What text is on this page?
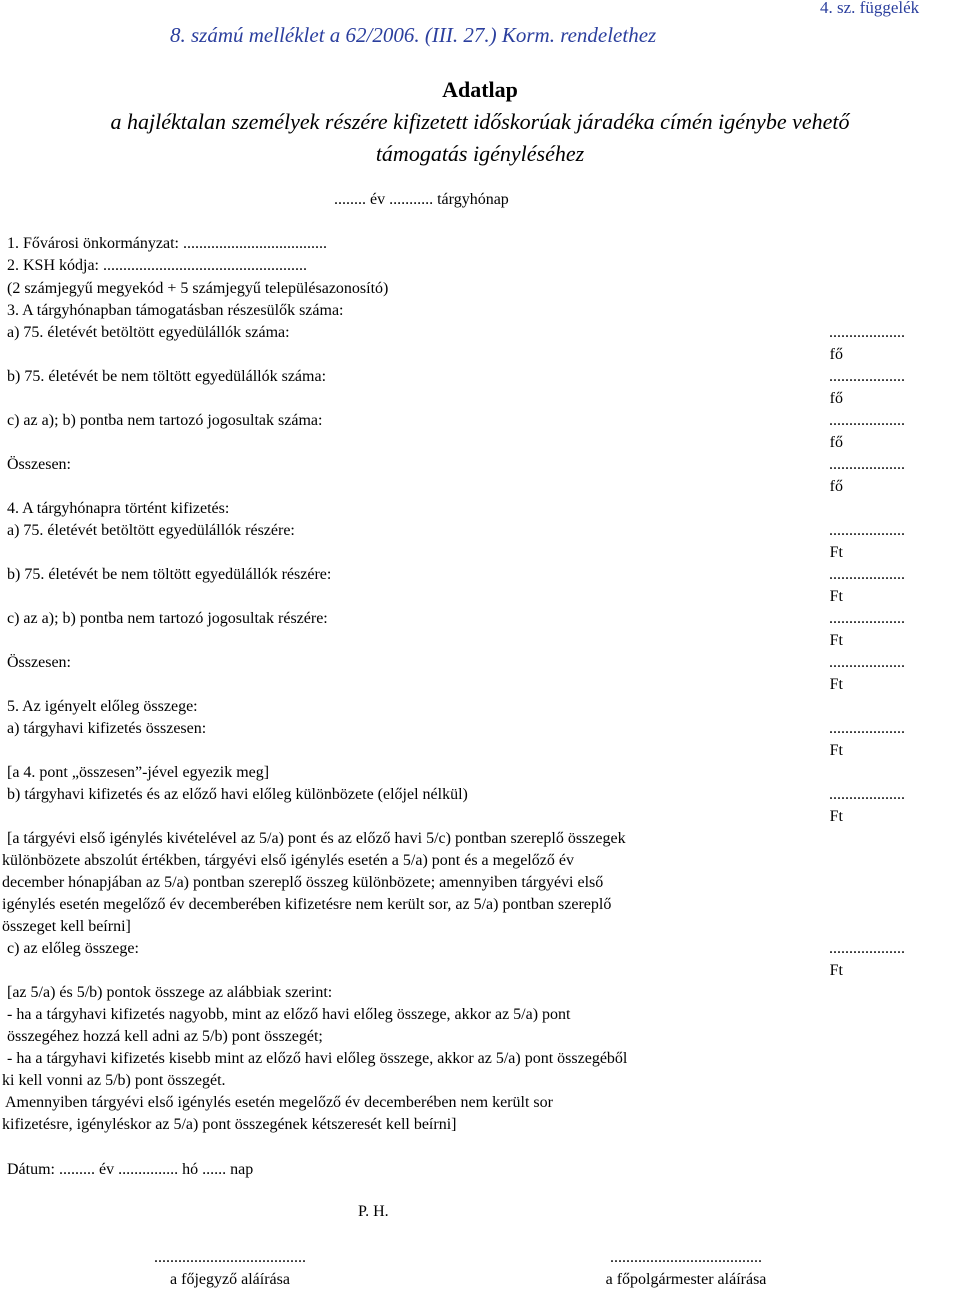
8. számú melléklet a 62/2006. (III. 27.) Korm. rendelethez
4. sz. függelék
Adatlap
a hajléktalan személyek részére kifizetett időskorúak járadéka címén igénybe vehető
támogatás igényléséhez
........ év ........... tárgyhónap
1. Fővárosi önkormányzat: ....................................
2. KSH kódja: ...................................................
(2 számjegyű megyekód + 5 számjegyű településazonosító)
3. A tárgyhónapban támogatásban részesülők száma:
a) 75. életévét betöltött egyedülállók száma:	...................
fő
b) 75. életévét be nem töltött egyedülállók száma:	...................
fő
c) az a); b) pontba nem tartozó jogosultak száma:	...................
fő
Összesen:	...................
fő
4. A tárgyhónapra történt kifizetés:
a) 75. életévét betöltött egyedülállók részére:	...................
Ft
b) 75. életévét be nem töltött egyedülállók részére:	...................
Ft
c) az a); b) pontba nem tartozó jogosultak részére:	...................
Ft
Összesen:	...................
Ft
5. Az igényelt előleg összege:
a) tárgyhavi kifizetés összesen:	...................
Ft
[a 4. pont „összesen”-jével egyezik meg]
b) tárgyhavi kifizetés és az előző havi előleg különbözete (előjel nélkül)	...................
Ft
[a tárgyévi első igénylés kivételével az 5/a) pont és az előző havi 5/c) pontban szereplő összegek
különbözete abszolút értékben, tárgyévi első igénylés esetén a 5/a) pont és a megelőző év
december hónapjában az 5/a) pontban szereplő összeg különbözete; amennyiben tárgyévi első
igénylés esetén megelőző év decemberében kifizetésre nem került sor, az 5/a) pontban szereplő
összeget kell beírni]
c) az előleg összege:	...................
Ft
[az 5/a) és 5/b) pontok összege az alábbiak szerint:
- ha a tárgyhavi kifizetés nagyobb, mint az előző havi előleg összege, akkor az 5/a) pont
összegéhez hozzá kell adni az 5/b) pont összegét;
- ha a tárgyhavi kifizetés kisebb mint az előző havi előleg összege, akkor az 5/a) pont összegéből
ki kell vonni az 5/b) pont összegét.
Amennyiben tárgyévi első igénylés esetén megelőző év decemberében nem került sor
kifizetésre, igényléskor az 5/a) pont összegének kétszeresét kell beírni]
Dátum: ......... év ............... hó ...... nap
P. H.
......................................
a főjegyző aláírása
......................................
a főpolgármester aláírása
